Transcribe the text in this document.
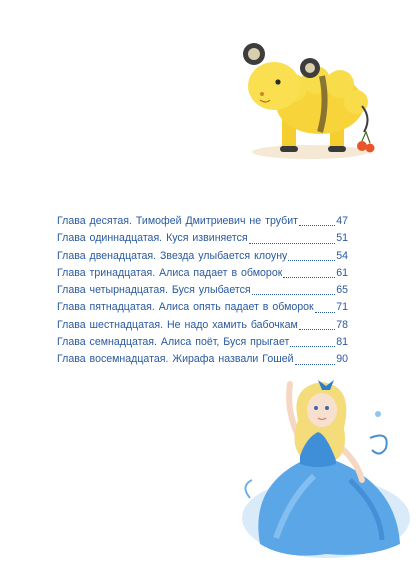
Глава десятая. Тимофей Дмитриевич не трубит	47
Глава одиннадцатая. Куся извиняется	51
Глава двенадцатая. Звезда улыбается клоуну	54
Глава тринадцатая. Алиса падает в обморок	61
Глава четырнадцатая. Буся улыбается	65
Глава пятнадцатая. Алиса опять падает в обморок 71
Глава шестнадцатая. Не надо хамить бабочкам	78
Глава семнадцатая. Алиса поёт, Буся прыгает	81
Глава восемнадцатая. Жирафа назвали Гошей	90
